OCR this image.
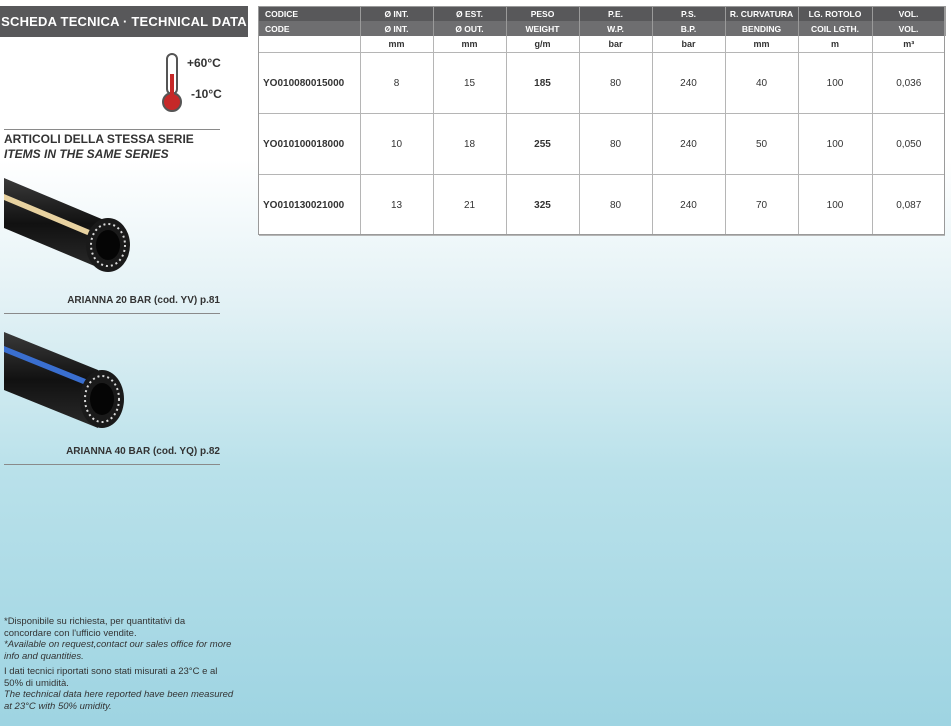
SCHEDA TECNICA · TECHNICAL DATA
+60°C
-10°C
ARTICOLI DELLA STESSA SERIE
ITEMS IN THE SAME SERIES
ARIANNA 20 BAR (cod. YV) p.81
ARIANNA 40 BAR (cod. YQ) p.82

*Disponibile su richiesta, per quantitativi da concordare con l'ufficio vendite.
*Available on request,contact our sales office for more info and quantities.

I dati tecnici riportati sono stati misurati a 23°C e al 50% di umidità.
The technical data here reported have been measured at 23°C with 50% umidity.

CODICE	Ø INT.	Ø EST.	PESO	P.E.	P.S.	R. CURVATURA	LG. ROTOLO	VOL.
CODE	Ø INT.	Ø OUT.	WEIGHT	W.P.	B.P.	BENDING	COIL LGTH.	VOL.
	mm	mm	g/m	bar	bar	mm	m	m³
YO010080015000	8	15	185	80	240	40	100	0,036
YO010100018000	10	18	255	80	240	50	100	0,050
YO010130021000	13	21	325	80	240	70	100	0,087
